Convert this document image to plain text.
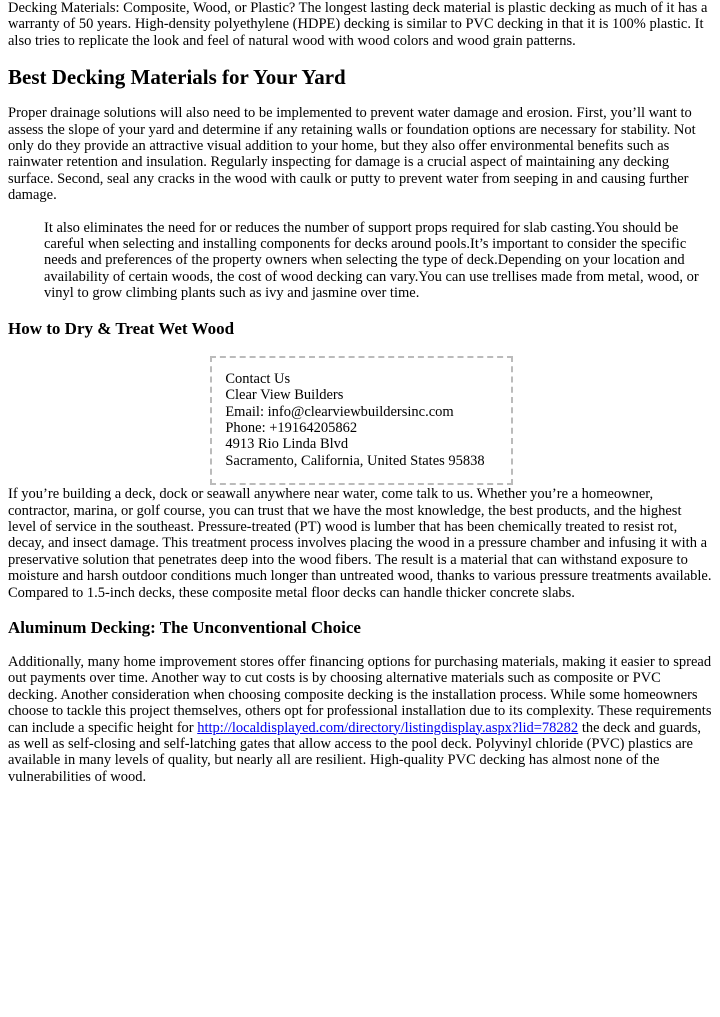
Decking Materials: Composite, Wood, or Plastic? The longest lasting deck material is plastic decking as much of it has a warranty of 50 years. High-density polyethylene (HDPE) decking is similar to PVC decking in that it is 100% plastic. It also tries to replicate the look and feel of natural wood with wood colors and wood grain patterns.

Best Decking Materials for Your Yard

Proper drainage solutions will also need to be implemented to prevent water damage and erosion. First, you’ll want to assess the slope of your yard and determine if any retaining walls or foundation options are necessary for stability. Not only do they provide an attractive visual addition to your home, but they also offer environmental benefits such as rainwater retention and insulation. Regularly inspecting for damage is a crucial aspect of maintaining any decking surface. Second, seal any cracks in the wood with caulk or putty to prevent water from seeping in and causing further damage.

It also eliminates the need for or reduces the number of support props required for slab casting.You should be careful when selecting and installing components for decks around pools.It’s important to consider the specific needs and preferences of the property owners when selecting the type of deck.Depending on your location and availability of certain woods, the cost of wood decking can vary.You can use trellises made from metal, wood, or vinyl to grow climbing plants such as ivy and jasmine over time.
How to Dry & Treat Wet Wood
Contact Us
Clear View Builders
Email: info@clearviewbuildersinc.com
Phone: +19164205862
4913 Rio Linda Blvd
Sacramento, California, United States 95838

If you’re building a deck, dock or seawall anywhere near water, come talk to us. Whether you’re a homeowner, contractor, marina, or golf course, you can trust that we have the most knowledge, the best products, and the highest level of service in the southeast. Pressure-treated (PT) wood is lumber that has been chemically treated to resist rot, decay, and insect damage. This treatment process involves placing the wood in a pressure chamber and infusing it with a preservative solution that penetrates deep into the wood fibers. The result is a material that can withstand exposure to moisture and harsh outdoor conditions much longer than untreated wood, thanks to various pressure treatments available. Compared to 1.5-inch decks, these composite metal floor decks can handle thicker concrete slabs.

Aluminum Decking: The Unconventional Choice

Additionally, many home improvement stores offer financing options for purchasing materials, making it easier to spread out payments over time. Another way to cut costs is by choosing alternative materials such as composite or PVC decking. Another consideration when choosing composite decking is the installation process. While some homeowners choose to tackle this project themselves, others opt for professional installation due to its complexity. These requirements can include a specific height for http://localdisplayed.com/directory/listingdisplay.aspx?lid=78282 the deck and guards, as well as self-closing and self-latching gates that allow access to the pool deck. Polyvinyl chloride (PVC) plastics are available in many levels of quality, but nearly all are resilient. High-quality PVC decking has almost none of the vulnerabilities of wood.
